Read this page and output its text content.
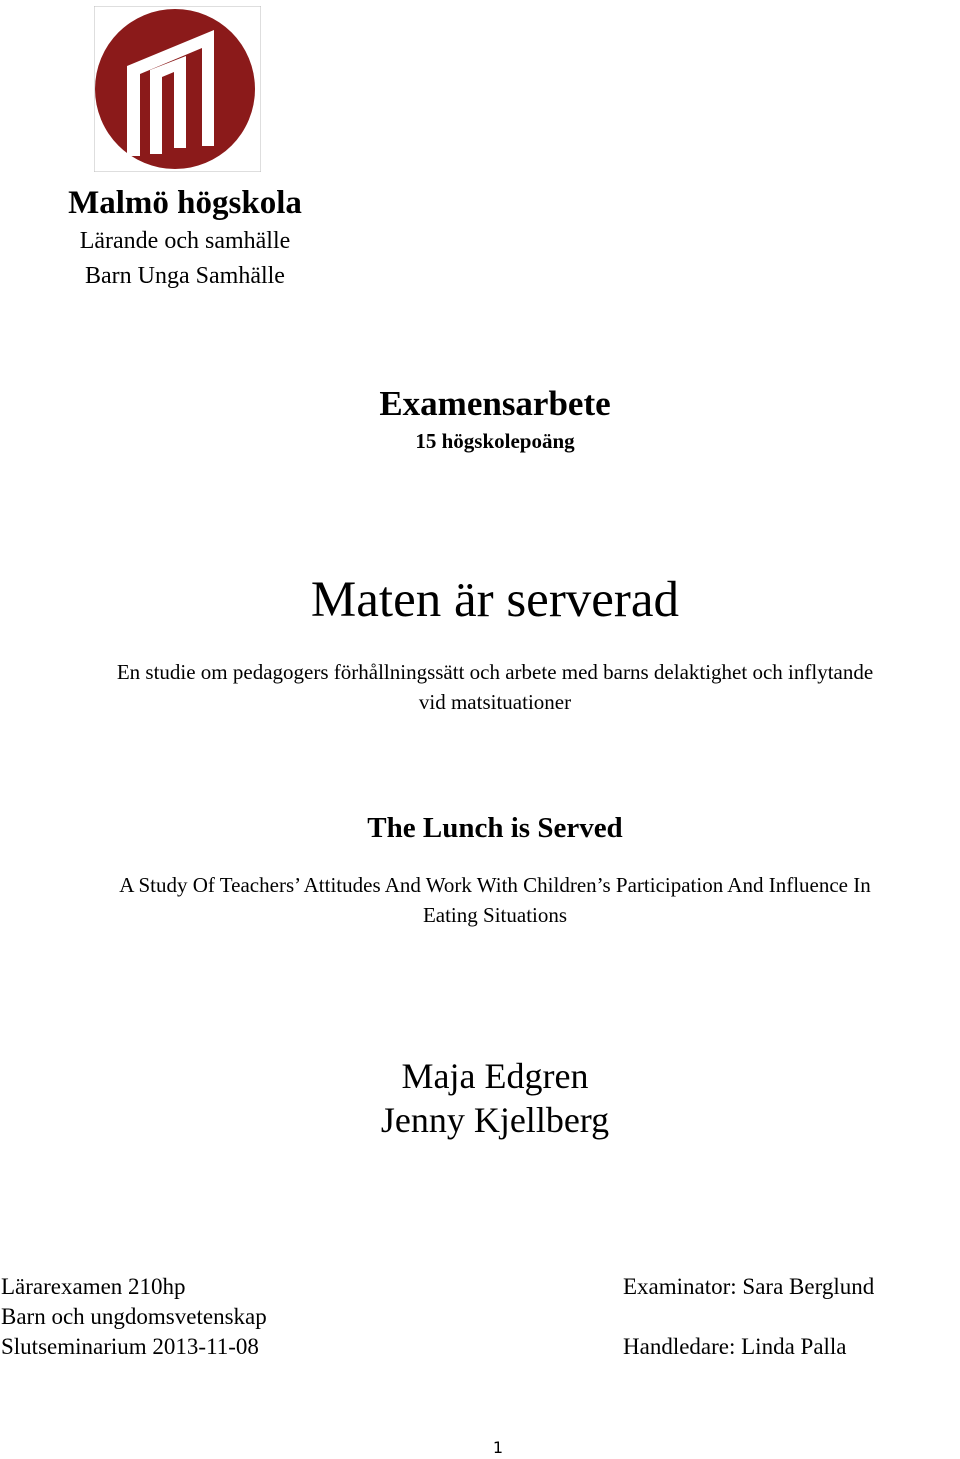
Malmö högskola
Lärande och samhälle
Barn Unga Samhälle
Examensarbete
15 högskolepoäng
Maten är serverad
En studie om pedagogers förhållningssätt och arbete med barns delaktighet och inflytande
vid matsituationer
The Lunch is Served
A Study Of Teachers’ Attitudes And Work With Children’s Participation And Influence In
Eating Situations
Maja Edgren
Jenny Kjellberg
Lärarexamen 210hp
Barn och ungdomsvetenskap
Slutseminarium 2013-11-08
Examinator: Sara Berglund
Handledare: Linda Palla
1
